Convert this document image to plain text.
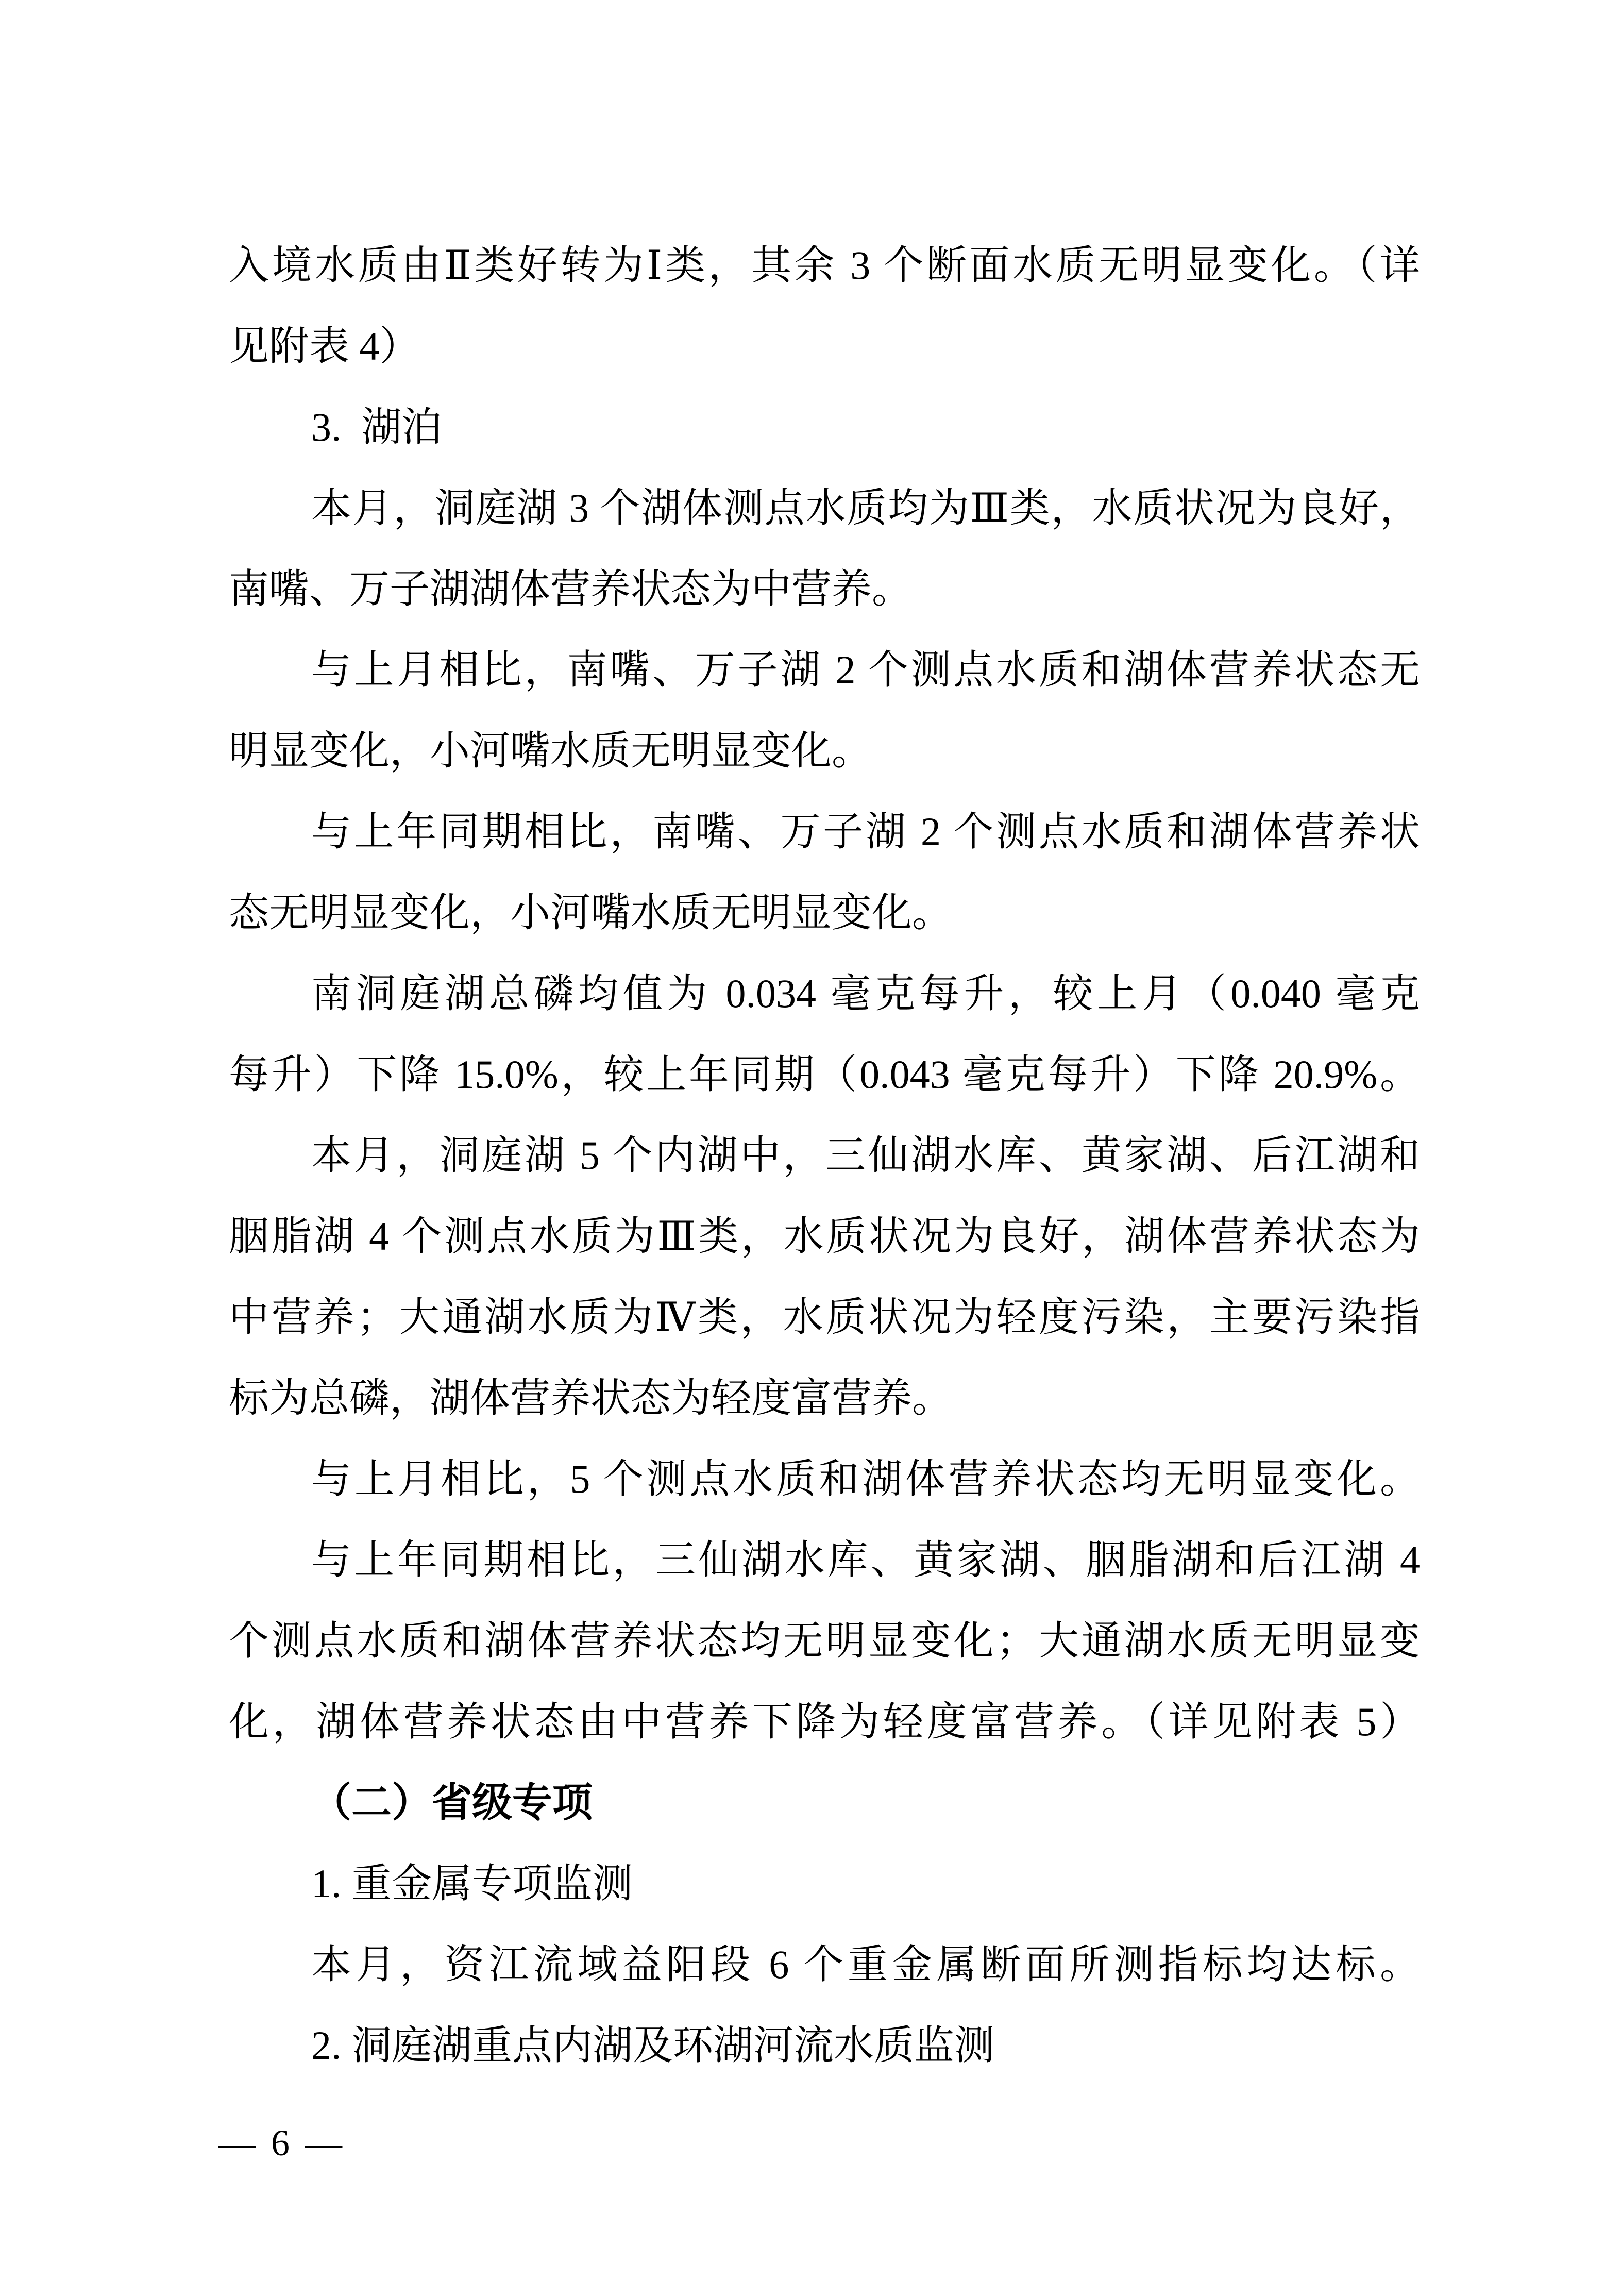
入境水质由Ⅱ类好转为Ⅰ类，其余 3 个断面水质无明显变化。（详
见附表 4）
3.  湖泊
本月，洞庭湖 3 个湖体测点水质均为Ⅲ类，水质状况为良好，
南嘴、万子湖湖体营养状态为中营养。
与上月相比，南嘴、万子湖 2 个测点水质和湖体营养状态无
明显变化，小河嘴水质无明显变化。
与上年同期相比，南嘴、万子湖 2 个测点水质和湖体营养状
态无明显变化，小河嘴水质无明显变化。
南洞庭湖总磷均值为 0.034 毫克每升，较上月（0.040 毫克
每升）下降 15.0%，较上年同期（0.043 毫克每升）下降 20.9%。
本月，洞庭湖 5 个内湖中，三仙湖水库、黄家湖、后江湖和
胭脂湖 4 个测点水质为Ⅲ类，水质状况为良好，湖体营养状态为
中营养；大通湖水质为Ⅳ类，水质状况为轻度污染，主要污染指
标为总磷，湖体营养状态为轻度富营养。
与上月相比，5 个测点水质和湖体营养状态均无明显变化。
与上年同期相比，三仙湖水库、黄家湖、胭脂湖和后江湖 4
个测点水质和湖体营养状态均无明显变化；大通湖水质无明显变
化，湖体营养状态由中营养下降为轻度富营养。（详见附表 5）
（二）省级专项
1. 重金属专项监测
本月，资江流域益阳段 6 个重金属断面所测指标均达标。
2. 洞庭湖重点内湖及环湖河流水质监测
— 6 —
